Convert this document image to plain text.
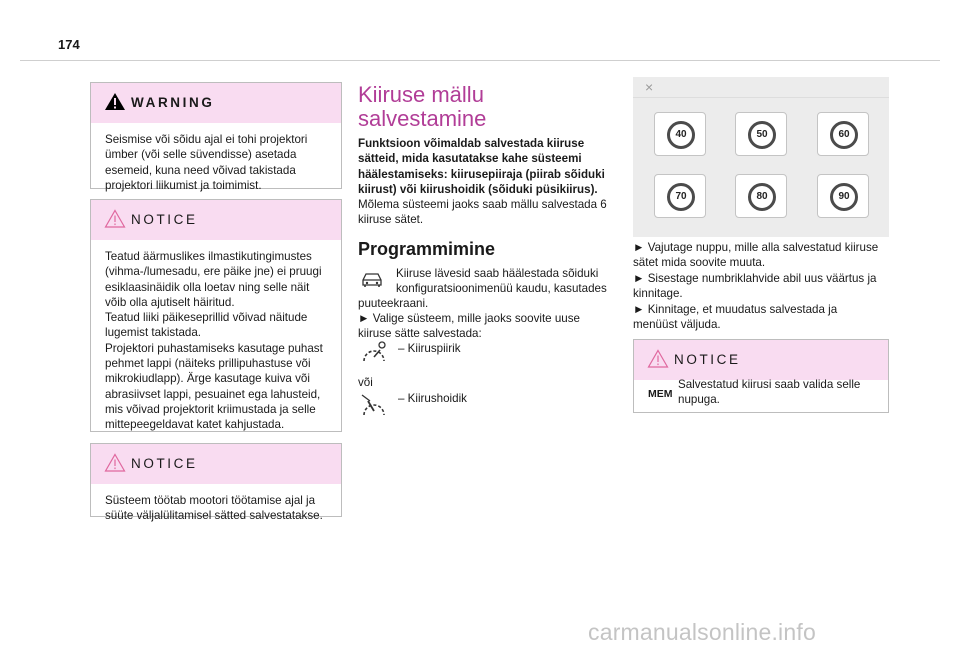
174
WARNING

Seismise või sõidu ajal ei tohi projektori ümber (või selle süvendisse) asetada esemeid, kuna need võivad takistada projektori liikumist ja toimimist.

NOTICE

Teatud äärmuslikes ilmastikutingimustes (vihma-/lumesadu, ere päike jne) ei pruugi esiklaasinäidik olla loetav ning selle näit võib olla ajutiselt häiritud.

Teatud liiki päikeseprillid võivad näitude lugemist takistada.

Projektori puhastamiseks kasutage puhast pehmet lappi (näiteks prillipuhastuse või mikrokiudlapp). Ärge kasutage kuiva või abrasiivset lappi, pesuainet ega lahusteid, mis võivad projektorit kriimustada ja selle mittepeegeldavat katet kahjustada.

NOTICE

Süsteem töötab mootori töötamise ajal ja süüte väljalülitamisel sätted salvestatakse.

Kiiruse mällu salvestamine
Funktsioon võimaldab salvestada kiiruse sätteid, mida kasutatakse kahe süsteemi häälestamiseks: kiirusepiiraja (piirab sõiduki kiirust) või kiirushoidik (sõiduki püsikiirus). Mõlema süsteemi jaoks saab mällu salvestada 6 kiiruse sätet.
Programmimine
Kiiruse lävesid saab häälestada sõiduki
konfiguratsioonimenüü kaudu, kasutades
puuteekraani.
► Valige süsteem, mille jaoks soovite uuse
kiiruse sätte salvestada:
– Kiiruspiirik
või
– Kiirushoidik
×
40	50	60
70	80	90
► Vajutage nuppu, mille alla salvestatud kiiruse
sätet mida soovite muuta.
► Sisestage numbriklahvide abil uus väärtus ja
kinnitage.
► Kinnitage, et muudatus salvestada ja
menüüst väljuda.
NOTICE
MEM
Salvestatud kiirusi saab valida selle nupuga.
carmanualsonline.info
